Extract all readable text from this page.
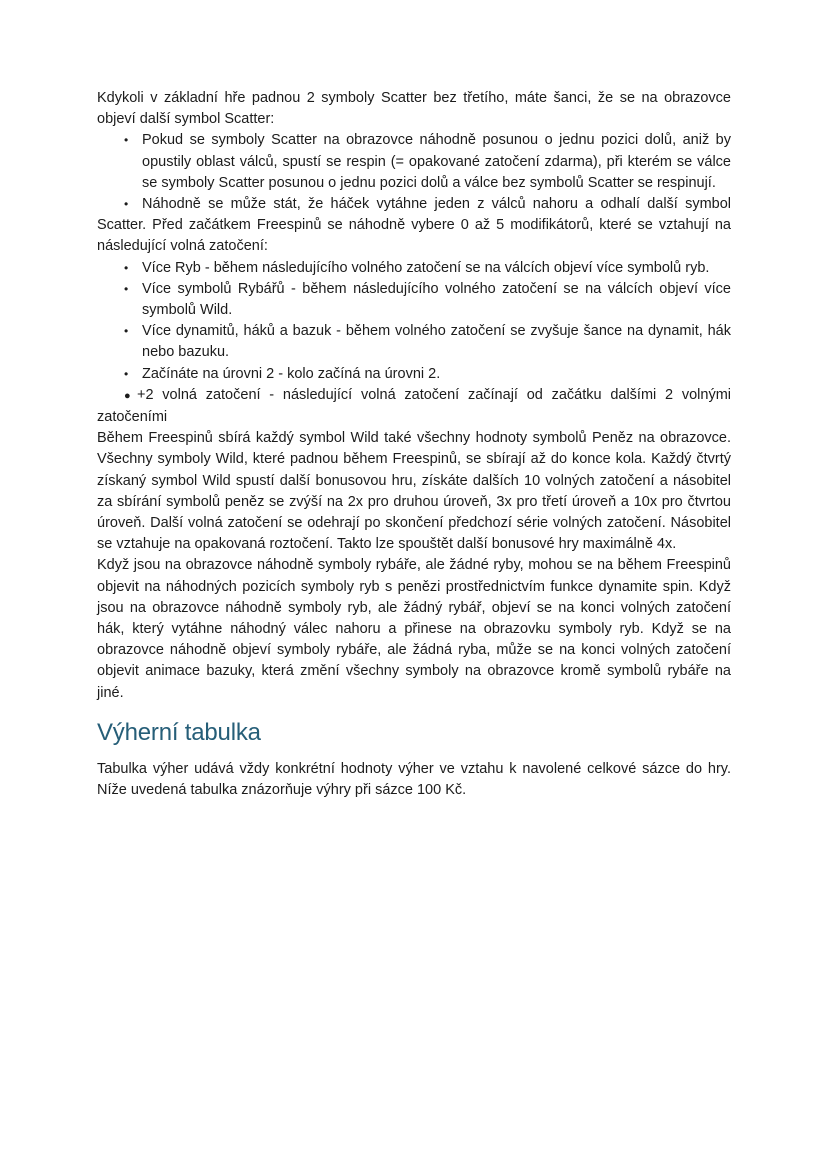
Kdykoli v základní hře padnou 2 symboly Scatter bez třetího, máte šanci, že se na obrazovce objeví další symbol Scatter:

• Pokud se symboly Scatter na obrazovce náhodně posunou o jednu pozici dolů, aniž by opustily oblast válců, spustí se respin (= opakované zatočení zdarma), při kterém se válce se symboly Scatter posunou o jednu pozici dolů a válce bez symbolů Scatter se respinují.

• Náhodně se může stát, že háček vytáhne jeden z válců nahoru a odhalí další symbol Scatter. Před začátkem Freespinů se náhodně vybere 0 až 5 modifikátorů, které se vztahují na následující volná zatočení:

• Více Ryb - během následujícího volného zatočení se na válcích objeví více symbolů ryb.
• Více symbolů Rybářů - během následujícího volného zatočení se na válcích objeví více symbolů Wild.
• Více dynamitů, háků a bazuk - během volného zatočení se zvyšuje šance na dynamit, hák nebo bazuku.
• Začínáte na úrovni 2 - kolo začíná na úrovni 2.

● +2 volná zatočení - následující volná zatočení začínají od začátku dalšími 2 volnými zatočeními

Během Freespinů sbírá každý symbol Wild také všechny hodnoty symbolů Peněz na obrazovce. Všechny symboly Wild, které padnou během Freespinů, se sbírají až do konce kola. Každý čtvrtý získaný symbol Wild spustí další bonusovou hru, získáte dalších 10 volných zatočení a násobitel za sbírání symbolů peněz se zvýší na 2x pro druhou úroveň, 3x pro třetí úroveň a 10x pro čtvrtou úroveň. Další volná zatočení se odehrají po skončení předchozí série volných zatočení. Násobitel se vztahuje na opakovaná roztočení. Takto lze spouštět další bonusové hry maximálně 4x.

Když jsou na obrazovce náhodně symboly rybáře, ale žádné ryby, mohou se na během Freespinů objevit na náhodných pozicích symboly ryb s penězi prostřednictvím funkce dynamite spin. Když jsou na obrazovce náhodně symboly ryb, ale žádný rybář, objeví se na konci volných zatočení hák, který vytáhne náhodný válec nahoru a přinese na obrazovku symboly ryb. Když se na obrazovce náhodně objeví symboly rybáře, ale žádná ryba, může se na konci volných zatočení objevit animace bazuky, která změní všechny symboly na obrazovce kromě symbolů rybáře na jiné.

Výherní tabulka

Tabulka výher udává vždy konkrétní hodnoty výher ve vztahu k navolené celkové sázce do hry. Níže uvedená tabulka znázorňuje výhry při sázce 100 Kč.
